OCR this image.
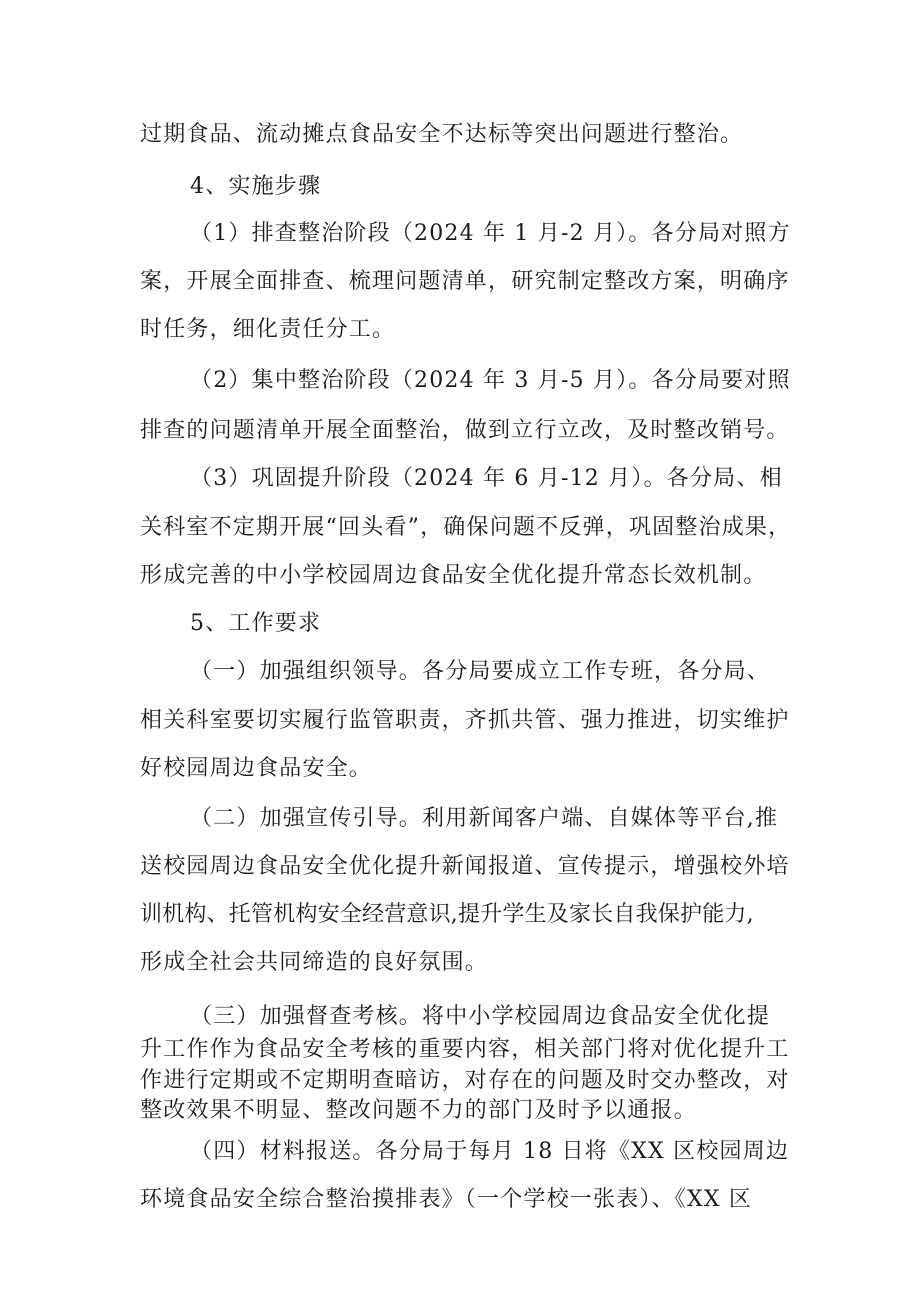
过期食品、流动摊点食品安全不达标等突出问题进行整治。
4、实施步骤
（1）排查整治阶段（2024 年 1 月-2 月）。各分局对照方
案，开展全面排查、梳理问题清单，研究制定整改方案，明确序
时任务，细化责任分工。
（2）集中整治阶段（2024 年 3 月-5 月）。各分局要对照
排查的问题清单开展全面整治，做到立行立改，及时整改销号。
（3）巩固提升阶段（2024 年 6 月-12 月）。各分局、相
关科室不定期开展“回头看”，确保问题不反弹，巩固整治成果，
形成完善的中小学校园周边食品安全优化提升常态长效机制。
5、工作要求
（一）加强组织领导。各分局要成立工作专班，各分局、
相关科室要切实履行监管职责，齐抓共管、强力推进，切实维护
好校园周边食品安全。
（二）加强宣传引导。利用新闻客户端、自媒体等平台,推
送校园周边食品安全优化提升新闻报道、宣传提示，增强校外培
训机构、托管机构安全经营意识,提升学生及家长自我保护能力,
形成全社会共同缔造的良好氛围。
（三）加强督查考核。将中小学校园周边食品安全优化提
升工作作为食品安全考核的重要内容，相关部门将对优化提升工
作进行定期或不定期明查暗访，对存在的问题及时交办整改，对
整改效果不明显、整改问题不力的部门及时予以通报。
（四）材料报送。各分局于每月 18 日将《XX 区校园周边
环境食品安全综合整治摸排表》（一个学校一张表）、《XX 区
